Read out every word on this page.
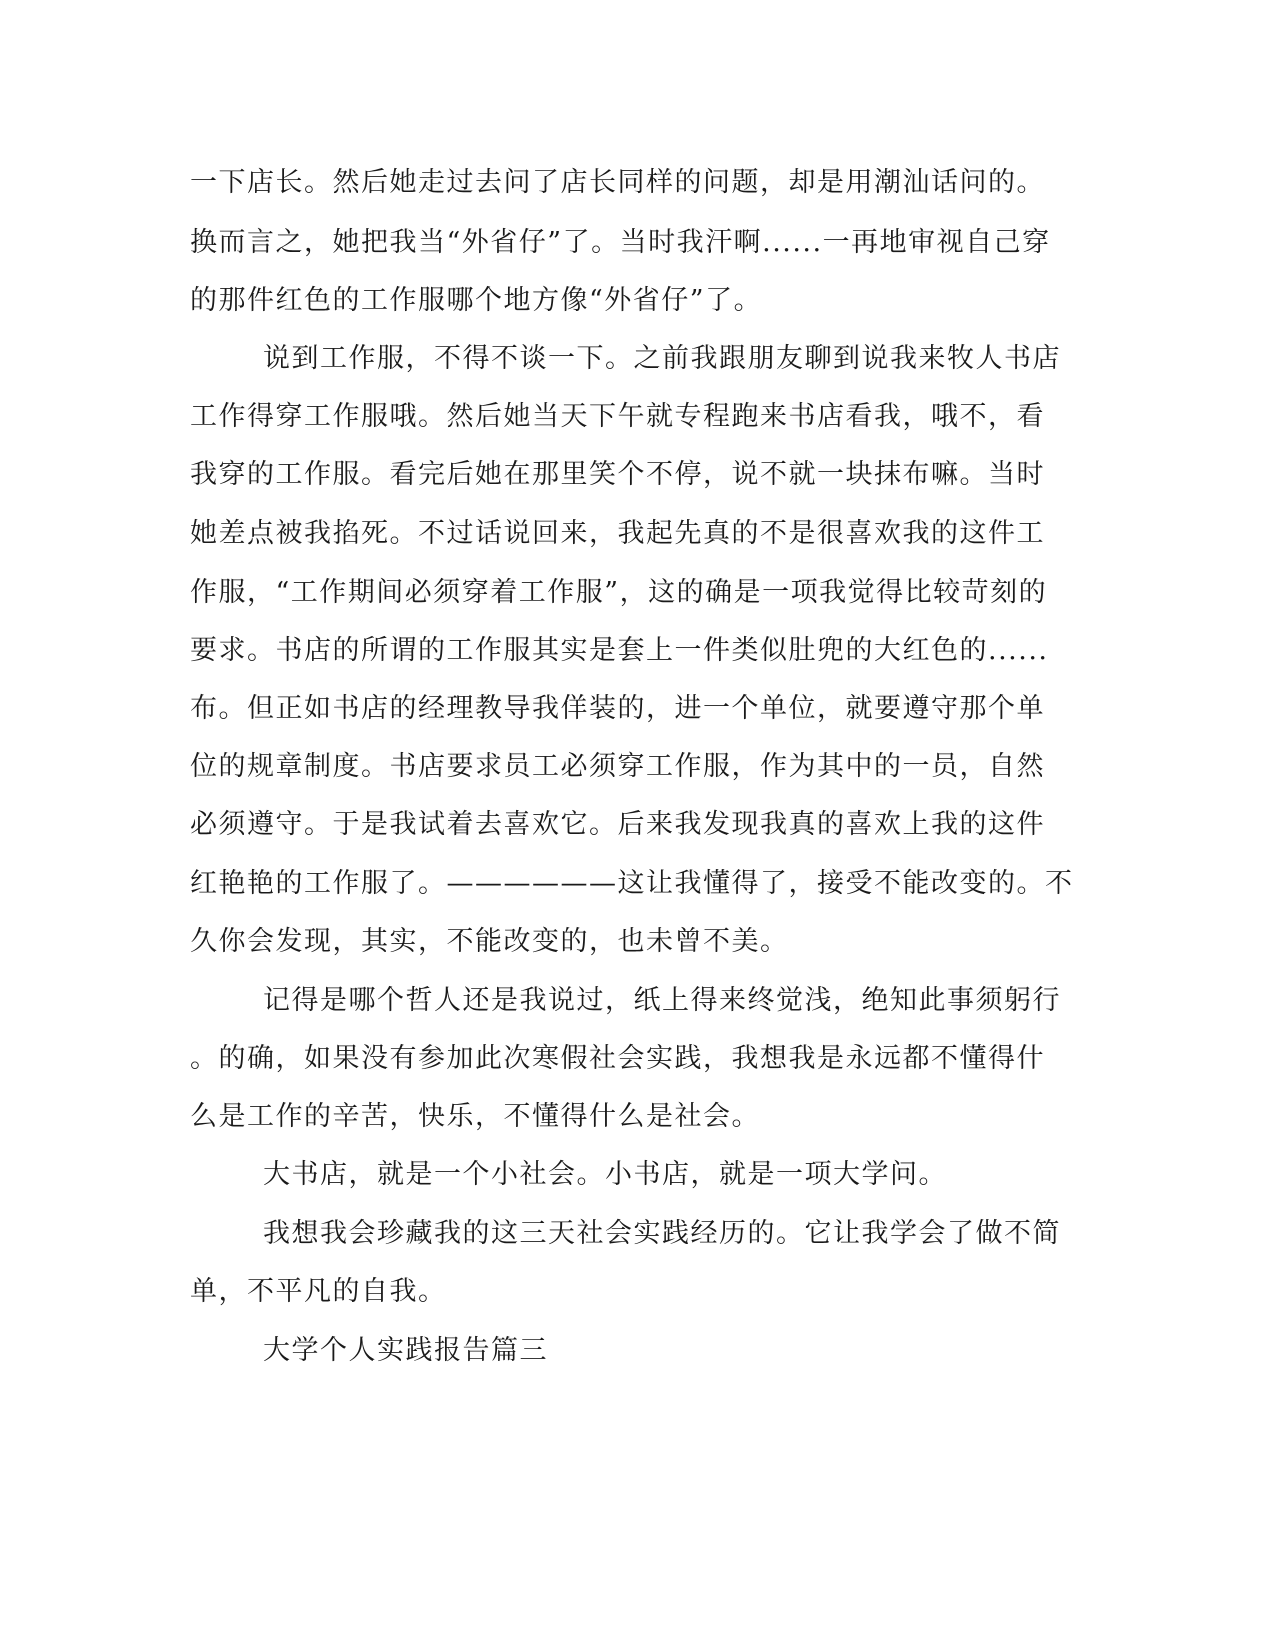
一下店长。然后她走过去问了店长同样的问题，却是用潮汕话问的。
换而言之，她把我当“外省仔”了。当时我汗啊......一再地审视自己穿
的那件红色的工作服哪个地方像“外省仔”了。
说到工作服，不得不谈一下。之前我跟朋友聊到说我来牧人书店
工作得穿工作服哦。然后她当天下午就专程跑来书店看我，哦不，看
我穿的工作服。看完后她在那里笑个不停，说不就一块抹布嘛。当时
她差点被我掐死。不过话说回来，我起先真的不是很喜欢我的这件工
作服，“工作期间必须穿着工作服”，这的确是一项我觉得比较苛刻的
要求。书店的所谓的工作服其实是套上一件类似肚兜的大红色的......
布。但正如书店的经理教导我佯装的，进一个单位，就要遵守那个单
位的规章制度。书店要求员工必须穿工作服，作为其中的一员，自然
必须遵守。于是我试着去喜欢它。后来我发现我真的喜欢上我的这件
红艳艳的工作服了。——————这让我懂得了，接受不能改变的。不
久你会发现，其实，不能改变的，也未曾不美。
记得是哪个哲人还是我说过，纸上得来终觉浅，绝知此事须躬行
。的确，如果没有参加此次寒假社会实践，我想我是永远都不懂得什
么是工作的辛苦，快乐，不懂得什么是社会。
大书店，就是一个小社会。小书店，就是一项大学问。
我想我会珍藏我的这三天社会实践经历的。它让我学会了做不简
单，不平凡的自我。
大学个人实践报告篇三
